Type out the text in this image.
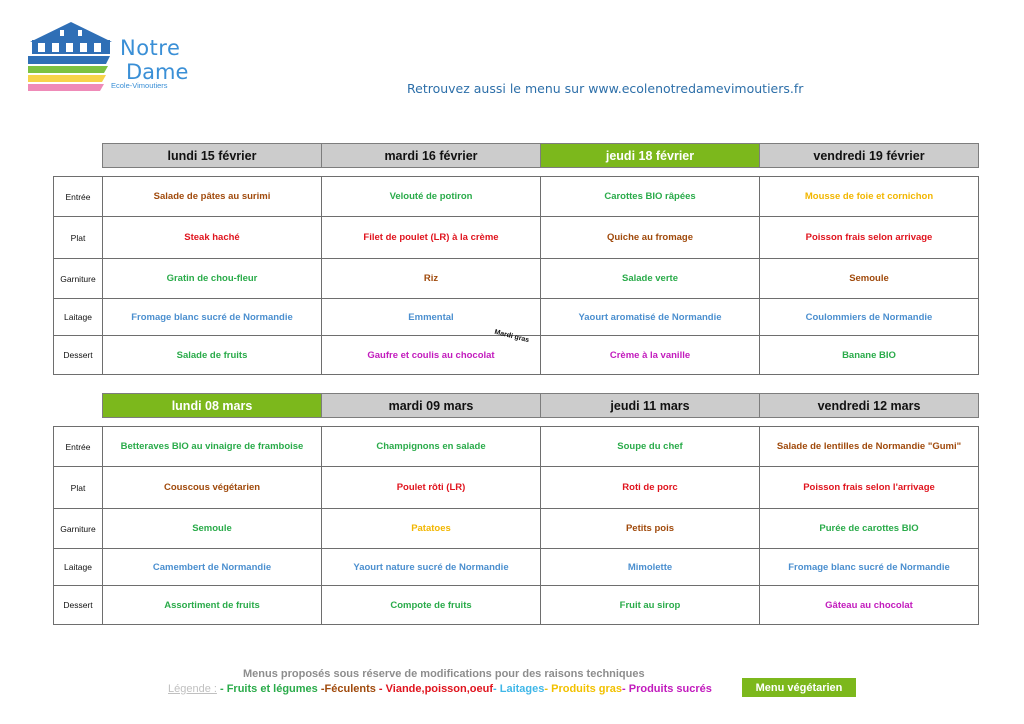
Notre
Dame
Ecole-Vimoutiers	Retrouvez aussi le menu sur www.ecolenotredamevimoutiers.fr
lundi 15 février	mardi 16 février	jeudi 18 février	vendredi 19 février
Entrée	Salade de pâtes au surimi	Velouté de potiron	Carottes BIO râpées	Mousse de foie et cornichon
Plat	Steak haché	Filet de poulet (LR) à la crème	Quiche au fromage	Poisson frais selon arrivage
Garniture	Gratin de chou-fleur	Riz	Salade verte	Semoule
Laitage	Fromage blanc sucré de Normandie	Emmental	Yaourt aromatisé de Normandie	Coulommiers de Normandie
Dessert	Salade de fruits	Gaufre et coulis au chocolat	Crème à la vanille	Banane BIO
lundi 08 mars	mardi 09 mars	jeudi 11 mars	vendredi 12 mars
Entrée	Betteraves BIO au vinaigre de framboise	Champignons en salade	Soupe du chef	Salade de lentilles de Normandie "Gumi"
Plat	Couscous végétarien	Poulet rôti (LR)	Roti de porc	Poisson frais selon l'arrivage
Garniture	Semoule	Patatoes	Petits pois	Purée de carottes BIO
Laitage	Camembert de Normandie	Yaourt nature sucré de Normandie	Mimolette	Fromage blanc sucré de Normandie
Dessert	Assortiment de fruits	Compote de fruits	Fruit au sirop	Gâteau au chocolat
Mardi gras
Menus proposés sous réserve de modifications pour des raisons techniques
Légende : - Fruits et légumes -Féculents - Viande,poisson,oeuf- Laitages- Produits gras- Produits sucrés	Menu végétarien
